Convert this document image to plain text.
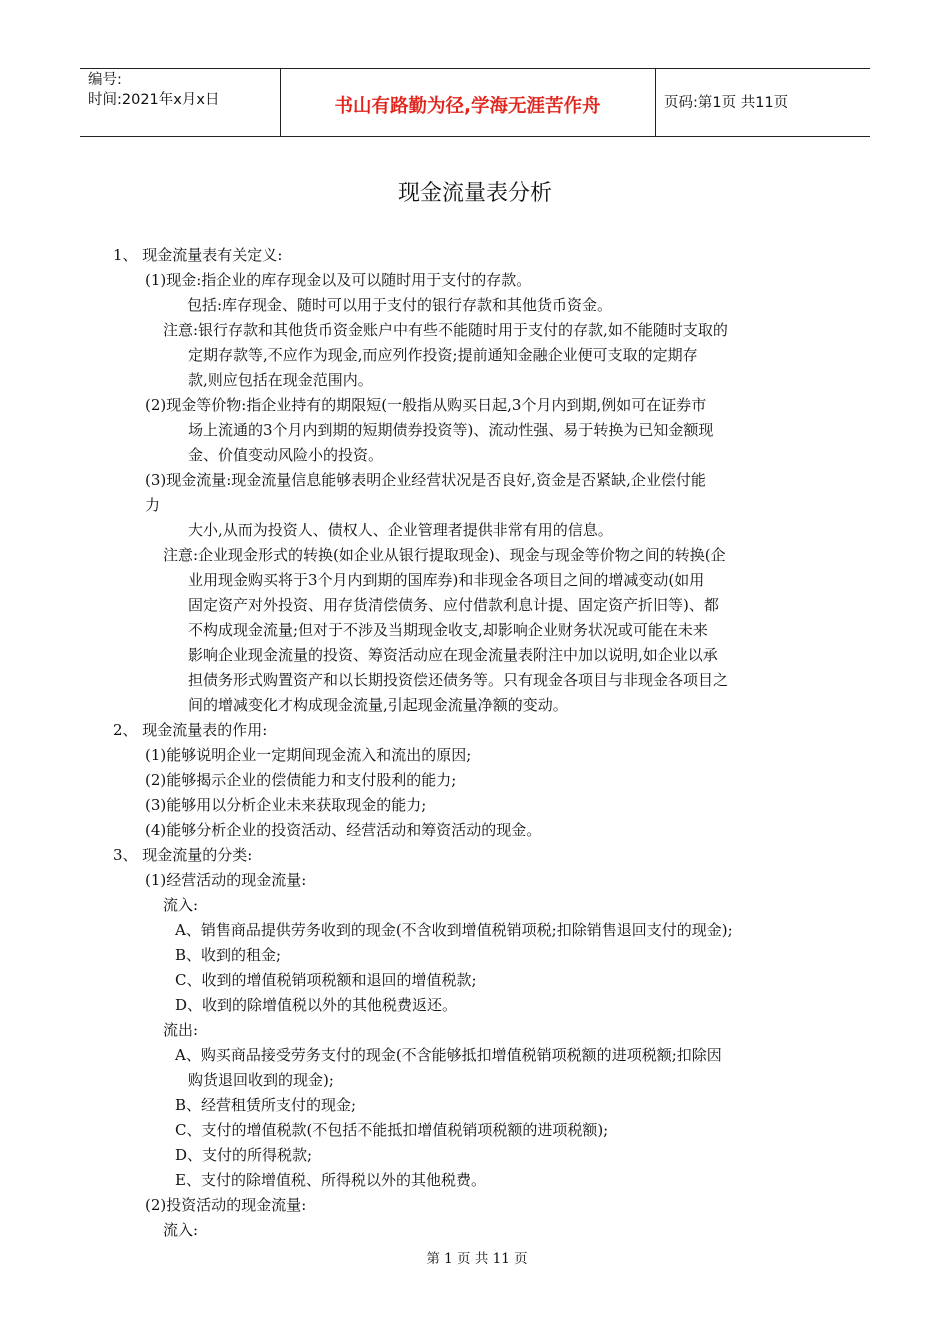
编号:
时间:2021年x月x日	书山有路勤为径,学海无涯苦作舟	页码:第1页 共11页
现金流量表分析
1、 现金流量表有关定义:
(1)现金:指企业的库存现金以及可以随时用于支付的存款。
包括:库存现金、随时可以用于支付的银行存款和其他货币资金。
注意:银行存款和其他货币资金账户中有些不能随时用于支付的存款,如不能随时支取的
定期存款等,不应作为现金,而应列作投资;提前通知金融企业便可支取的定期存
款,则应包括在现金范围内。
(2)现金等价物:指企业持有的期限短(一般指从购买日起,3个月内到期,例如可在证券市
场上流通的3个月内到期的短期债券投资等)、流动性强、易于转换为已知金额现
金、价值变动风险小的投资。
(3)现金流量:现金流量信息能够表明企业经营状况是否良好,资金是否紧缺,企业偿付能
力
大小,从而为投资人、债权人、企业管理者提供非常有用的信息。
注意:企业现金形式的转换(如企业从银行提取现金)、现金与现金等价物之间的转换(企
业用现金购买将于3个月内到期的国库券)和非现金各项目之间的增减变动(如用
固定资产对外投资、用存货清偿债务、应付借款利息计提、固定资产折旧等)、都
不构成现金流量;但对于不涉及当期现金收支,却影响企业财务状况或可能在未来
影响企业现金流量的投资、筹资活动应在现金流量表附注中加以说明,如企业以承
担债务形式购置资产和以长期投资偿还债务等。只有现金各项目与非现金各项目之
间的增减变化才构成现金流量,引起现金流量净额的变动。
2、 现金流量表的作用:
(1)能够说明企业一定期间现金流入和流出的原因;
(2)能够揭示企业的偿债能力和支付股利的能力;
(3)能够用以分析企业未来获取现金的能力;
(4)能够分析企业的投资活动、经营活动和筹资活动的现金。
3、 现金流量的分类:
(1)经营活动的现金流量:
流入:
A、销售商品提供劳务收到的现金(不含收到增值税销项税;扣除销售退回支付的现金);
B、收到的租金;
C、收到的增值税销项税额和退回的增值税款;
D、收到的除增值税以外的其他税费返还。
流出:
A、购买商品接受劳务支付的现金(不含能够抵扣增值税销项税额的进项税额;扣除因
购货退回收到的现金);
B、经营租赁所支付的现金;
C、支付的增值税款(不包括不能抵扣增值税销项税额的进项税额);
D、支付的所得税款;
E、支付的除增值税、所得税以外的其他税费。
(2)投资活动的现金流量:
流入:
第 1 页 共 11 页
